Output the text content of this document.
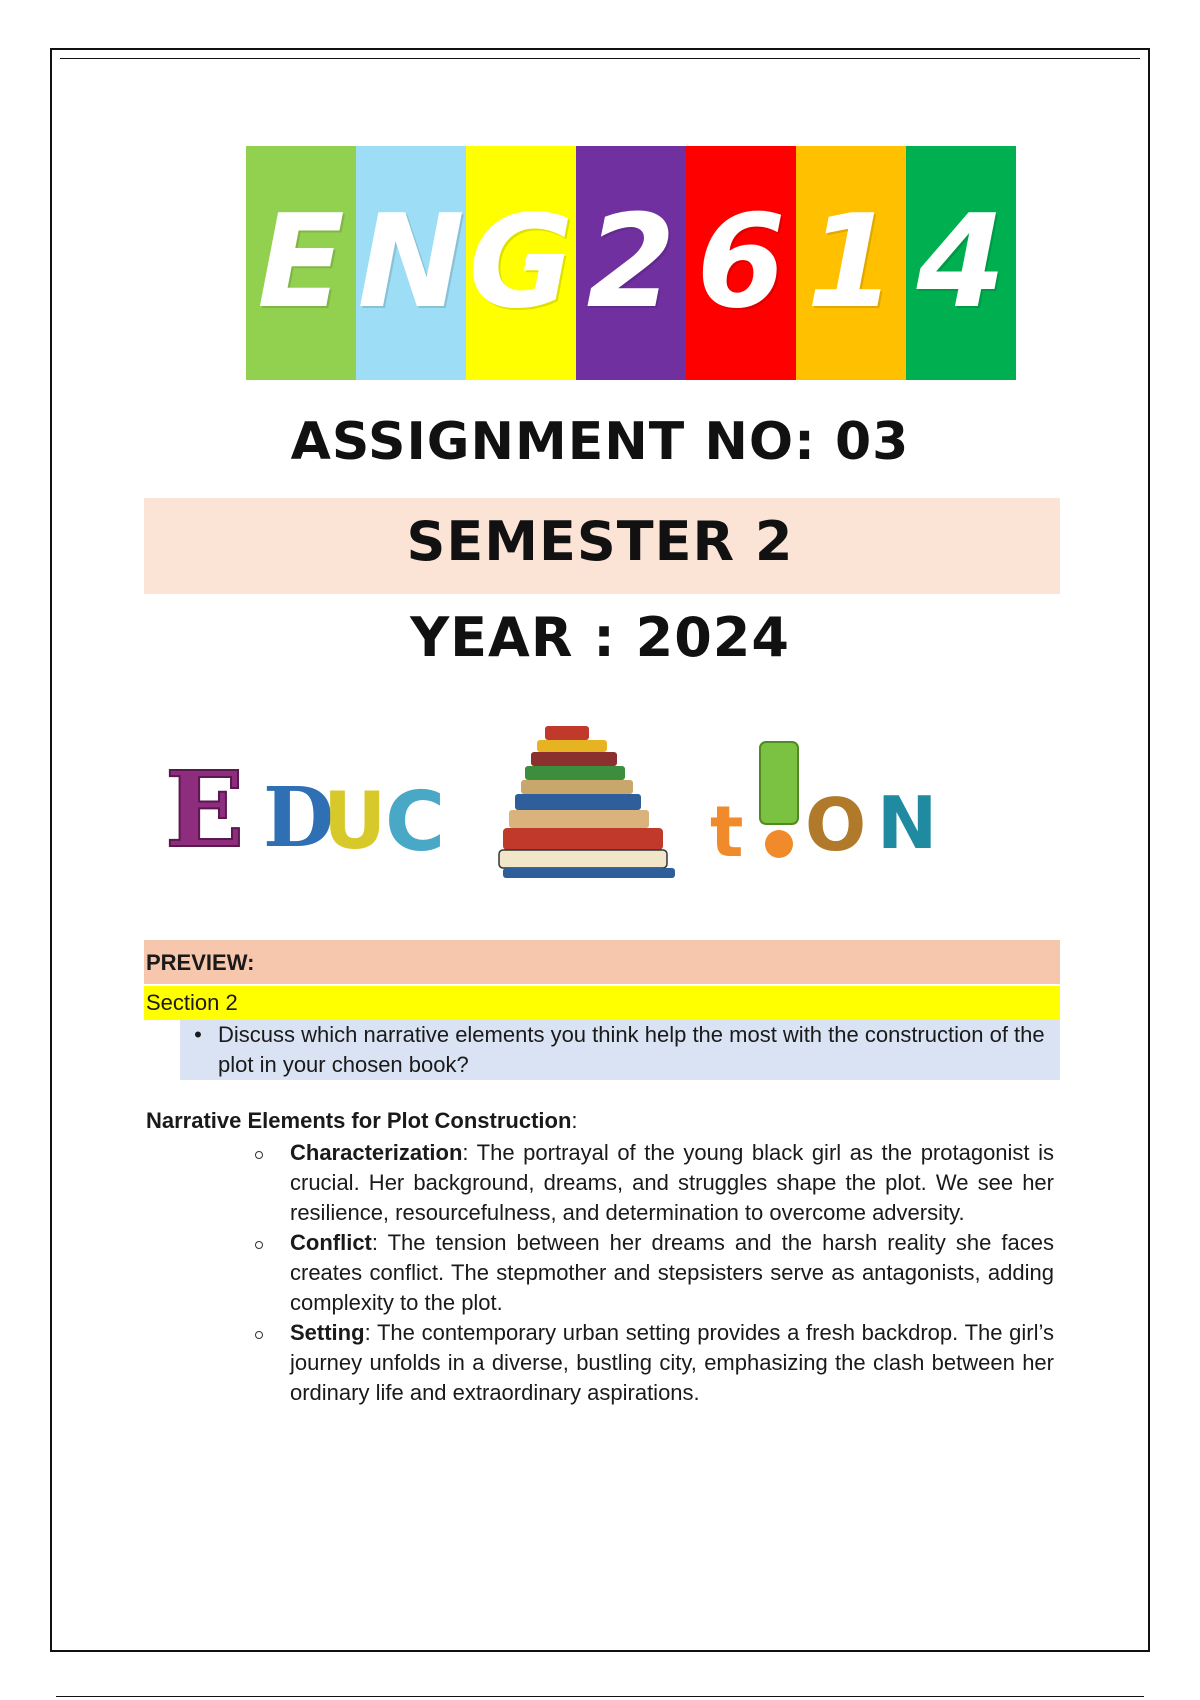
E N G 2 6 1 4
ASSIGNMENT NO: 03
SEMESTER 2
YEAR : 2024
E D
U
C	t O N
PREVIEW:
Section 2
• Discuss which narrative elements you think help the most with the construction of the plot in your chosen book?
Narrative Elements for Plot Construction:
Characterization: The portrayal of the young black girl as the protagonist is crucial. Her background, dreams, and struggles shape the plot. We see her resilience, resourcefulness, and determination to overcome adversity.
Conflict: The tension between her dreams and the harsh reality she faces creates conflict. The stepmother and stepsisters serve as antagonists, adding complexity to the plot.
Setting: The contemporary urban setting provides a fresh backdrop. The girl’s journey unfolds in a diverse, bustling city, emphasizing the clash between her ordinary life and extraordinary aspirations.
